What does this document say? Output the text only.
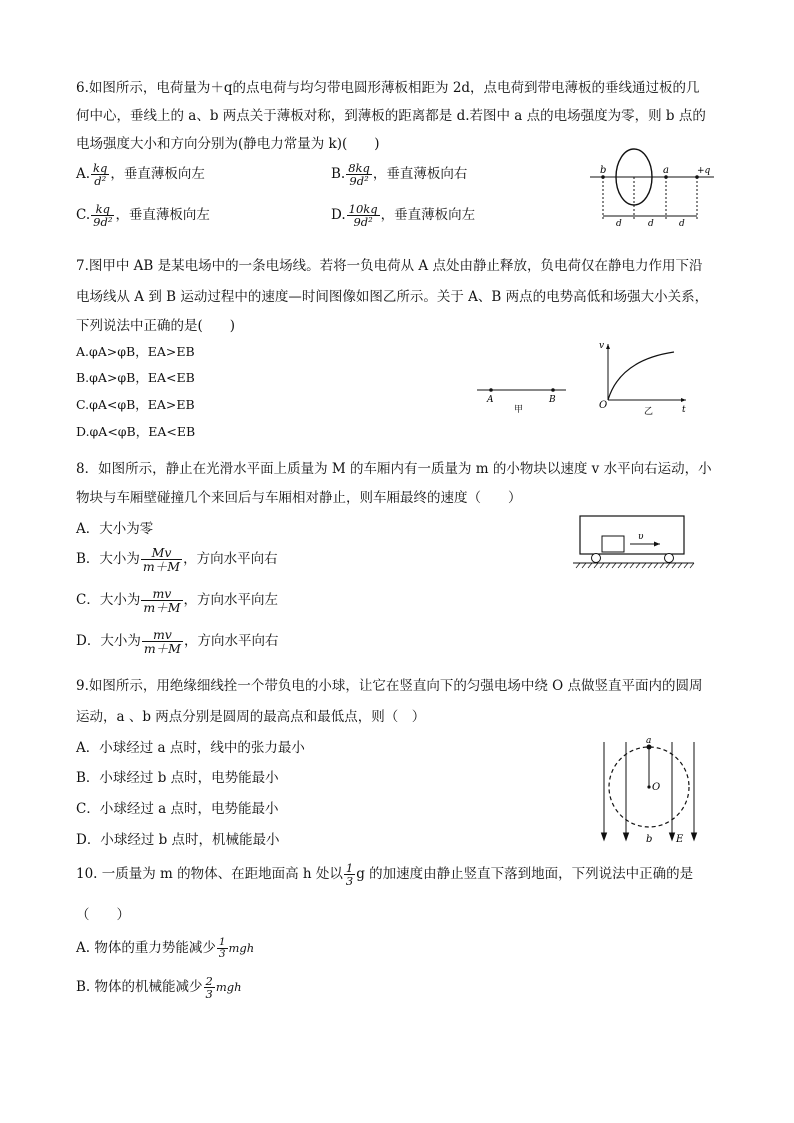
6.如图所示，电荷量为＋q的点电荷与均匀带电圆形薄板相距为 2d，点电荷到带电薄板的垂线通过板的几
何中心，垂线上的 a、b 两点关于薄板对称，到薄板的距离都是 d.若图中 a 点的电场强度为零，则 b 点的
电场强度大小和方向分别为(静电力常量为 k)(　　)
A. $\frac{kq}{\text{d²}}$ ，垂直薄板向左	B. $\frac{8kq}{\text{9d²}}$ ，垂直薄板向右
C. $\frac{kq}{\text{9d²}}$ ，垂直薄板向左	D. $\frac{10kq}{\text{9d²}}$ ，垂直薄板向左
b	a	+q
d	d	d
7.图甲中 AB 是某电场中的一条电场线。若将一负电荷从 A 点处由静止释放，负电荷仅在静电力作用下沿
电场线从 A 到 B 运动过程中的速度—时间图像如图乙所示。关于 A、B 两点的电势高低和场强大小关系，
下列说法中正确的是(　　)
A.φA>φB，EA>EB
B.φA>φB，EA<EB
C.φA<φB，EA>EB
D.φA<φB，EA<EB
A	B
甲
v
t
O
乙
8．如图所示，静止在光滑水平面上质量为 M 的车厢内有一质量为 m 的小物块以速度 v 水平向右运动，小
物块与车厢壁碰撞几个来回后与车厢相对静止，则车厢最终的速度（　　）
A．大小为零
B．大小为 $\frac{Mv}{m+M}$ ，方向水平向右
C．大小为 $\frac{mv}{m+M}$ ，方向水平向左
D．大小为 $\frac{mv}{m+M}$ ，方向水平向右
υ
9.如图所示，用绝缘细线拴一个带负电的小球，让它在竖直向下的匀强电场中绕 O 点做竖直平面内的圆周
运动，a 、b 两点分别是圆周的最高点和最低点，则（　）
A．小球经过 a 点时，线中的张力最小
B．小球经过 b 点时，电势能最小
C．小球经过 a 点时，电势能最小
D．小球经过 b 点时，机械能最小
a
O
b E
10. 一质量为 m 的物体、在距地面高 h 处以 $\frac{1}{3}$ g 的加速度由静止竖直下落到地面，下列说法中正确的是
（　　）
A. 物体的重力势能减少 $\frac{1}{3}$ mgh
B. 物体的机械能减少 $\frac{2}{3}$ mgh
